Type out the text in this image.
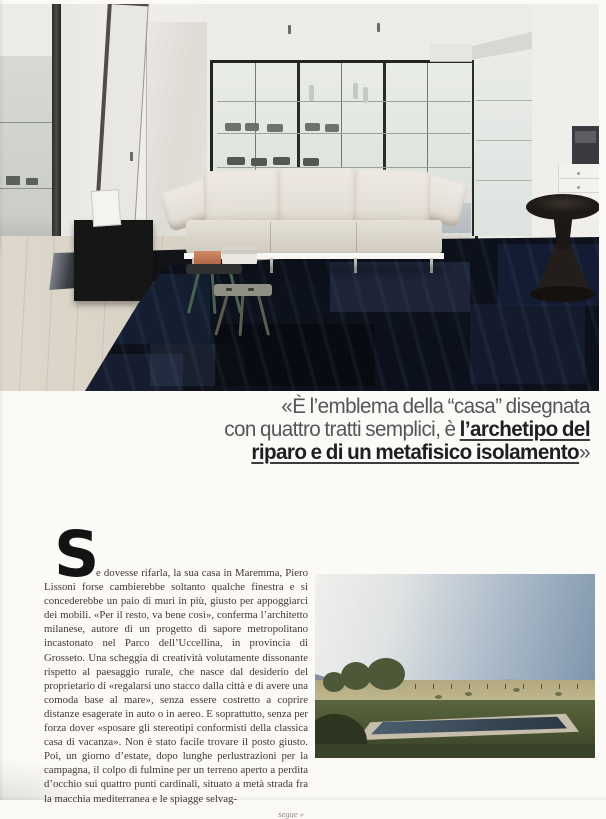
«È l’emblema della “casa” disegnata
con quattro tratti semplici, è l’archetipo del
riparo e di un metafisico isolamento»
S

e dovesse rifarla, la sua casa in Maremma, Piero Lissoni forse cambierebbe soltanto qualche finestra e si concederebbe un paio di muri in più, giusto per appoggiarci dei mobili. «Per il resto, va bene così», conferma l’architetto milanese, autore di un progetto di sapore metropolitano incastonato nel Parco dell’Uccellina, in provincia di Grosseto. Una scheggia di creatività volutamente dissonante rispetto al paesaggio rurale, che nasce dal desiderio del proprietario di «regalarsi uno stacco dalla città e di avere una comoda base al mare», senza essere costretto a coprire distanze esagerate in auto o in aereo. E soprattutto, senza per forza dover «sposare gli stereotipi conformisti della classica casa di vacanza». Non è stato facile trovare il posto giusto. Poi, un giorno d’estate, dopo lunghe perlustrazioni per la campagna, il colpo di fulmine per un terreno aperto a perdita d’occhio sui quattro punti cardinali, situato a metà strada fra la macchia mediterranea e le spiagge selvag-

segue »
